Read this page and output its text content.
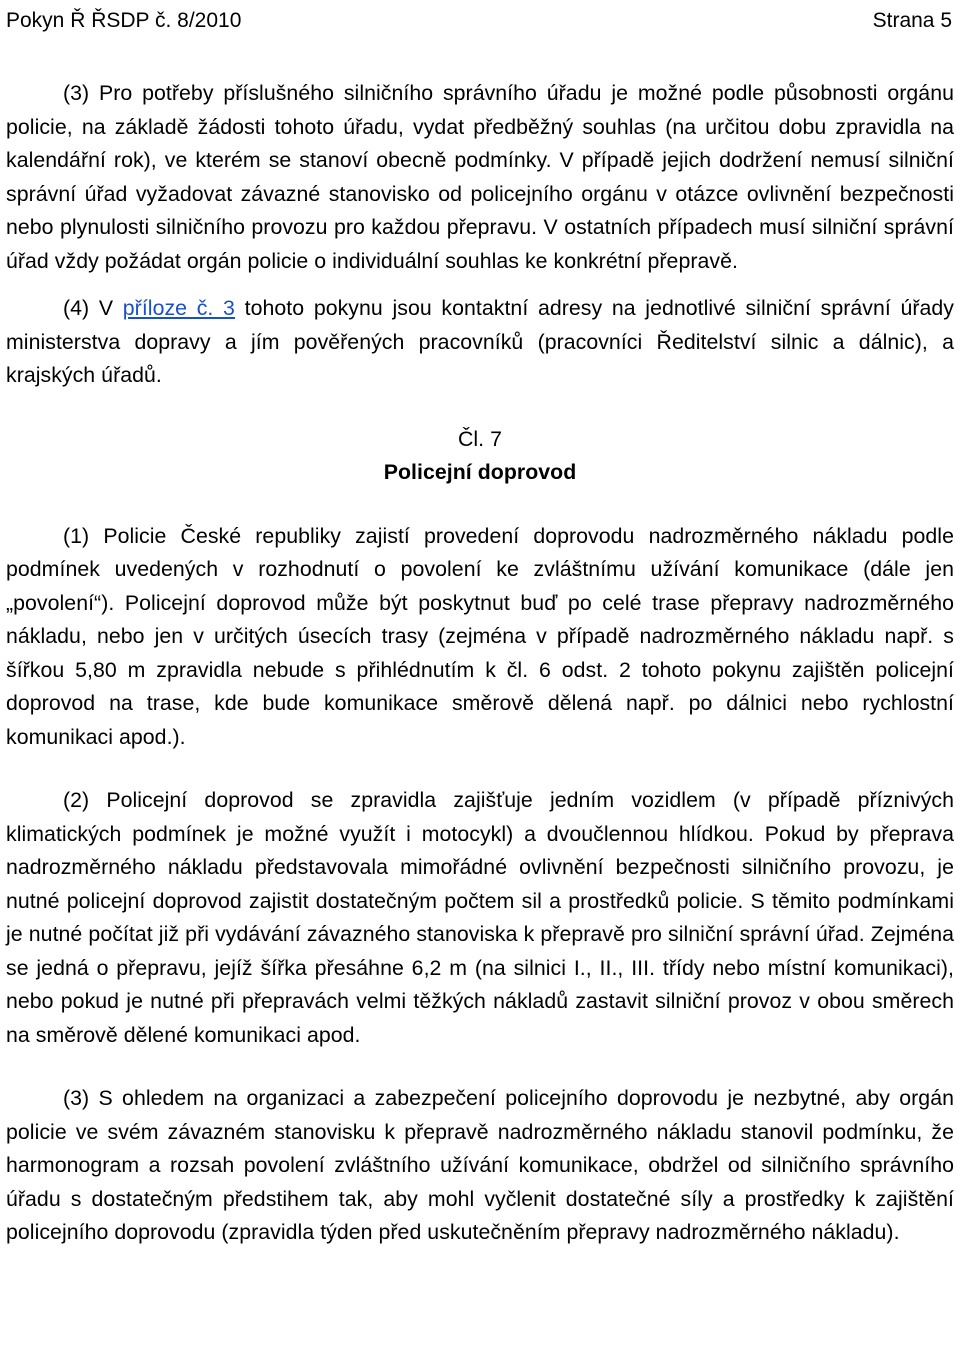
Pokyn Ř ŘSDP č. 8/2010	Strana 5

(3) Pro potřeby příslušného silničního správního úřadu je možné podle působnosti orgánu policie, na základě žádosti tohoto úřadu, vydat předběžný souhlas (na určitou dobu zpravidla na kalendářní rok), ve kterém se stanoví obecně podmínky. V případě jejich dodržení nemusí silniční správní úřad vyžadovat závazné stanovisko od policejního orgánu v otázce ovlivnění bezpečnosti nebo plynulosti silničního provozu pro každou přepravu. V ostatních případech musí silniční správní úřad vždy požádat orgán policie o individuální souhlas ke konkrétní přepravě.

(4) V příloze č. 3 tohoto pokynu jsou kontaktní adresy na jednotlivé silniční správní úřady ministerstva dopravy a jím pověřených pracovníků (pracovníci Ředitelství silnic a dálnic), a krajských úřadů.

Čl. 7

Policejní doprovod

(1) Policie České republiky zajistí provedení doprovodu nadrozměrného nákladu podle podmínek uvedených v rozhodnutí o povolení ke zvláštnímu užívání komunikace (dále jen „povolení“). Policejní doprovod může být poskytnut buď po celé trase přepravy nadrozměrného nákladu, nebo jen v určitých úsecích trasy (zejména v případě nadrozměrného nákladu např. s šířkou 5,80 m zpravidla nebude s přihlédnutím k čl. 6 odst. 2 tohoto pokynu zajištěn policejní doprovod na trase, kde bude komunikace směrově dělená např. po dálnici nebo rychlostní komunikaci apod.).

(2) Policejní doprovod se zpravidla zajišťuje jedním vozidlem (v případě příznivých klimatických podmínek je možné využít i motocykl) a dvoučlennou hlídkou. Pokud by přeprava nadrozměrného nákladu představovala mimořádné ovlivnění bezpečnosti silničního provozu, je nutné policejní doprovod zajistit dostatečným počtem sil a prostředků policie. S těmito podmínkami je nutné počítat již při vydávání závazného stanoviska k přepravě pro silniční správní úřad. Zejména se jedná o přepravu, jejíž šířka přesáhne 6,2 m (na silnici I., II., III. třídy nebo místní komunikaci), nebo pokud je nutné při přepravách velmi těžkých nákladů zastavit silniční provoz v obou směrech na směrově dělené komunikaci apod.

(3) S ohledem na organizaci a zabezpečení policejního doprovodu je nezbytné, aby orgán policie ve svém závazném stanovisku k přepravě nadrozměrného nákladu stanovil podmínku, že harmonogram a rozsah povolení zvláštního užívání komunikace, obdržel od silničního správního úřadu s dostatečným předstihem tak, aby mohl vyčlenit dostatečné síly a prostředky k zajištění policejního doprovodu (zpravidla týden před uskutečněním přepravy nadrozměrného nákladu).
